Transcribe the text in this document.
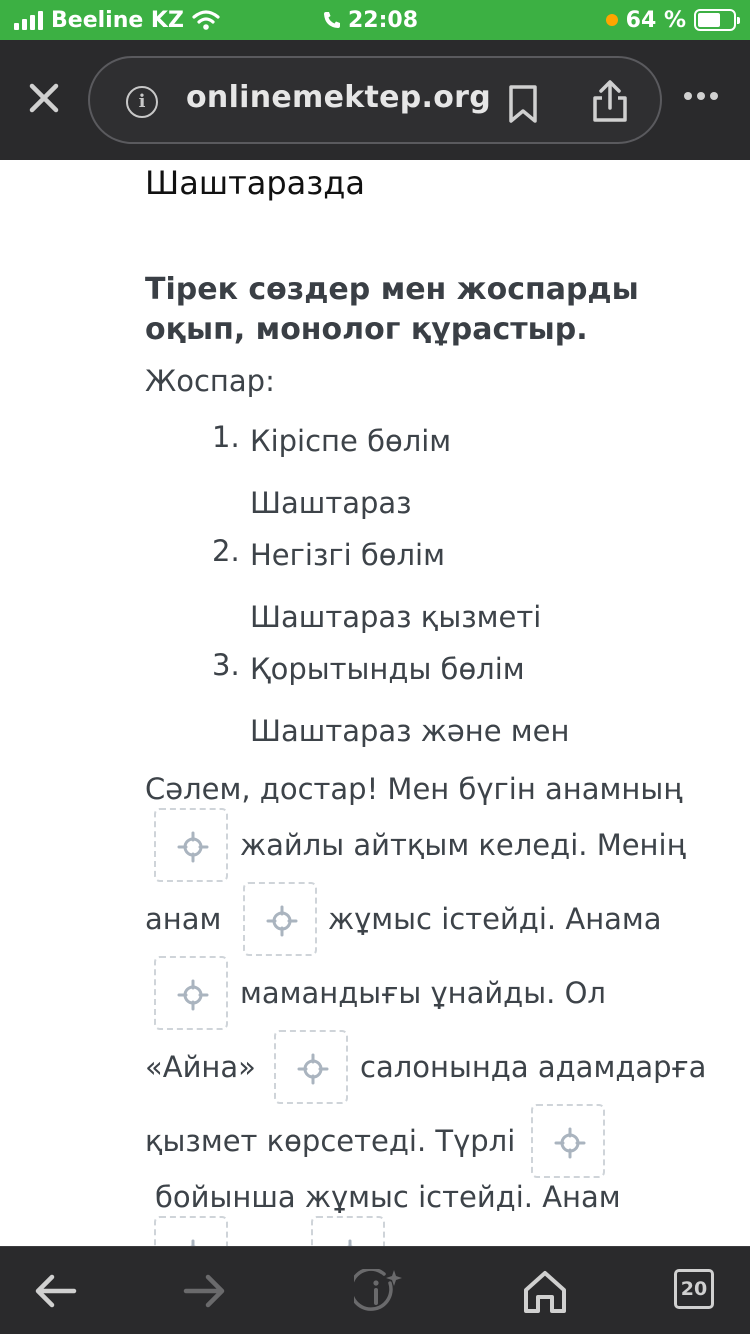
Beeline KZ	22:08	64 %
i	onlinemektep.org
Шаштаразда
Тірек сөздер мен жоспарды оқып, монолог құрастыр.
Жоспар:
1. Кіріспе бөлім
Шаштараз
2. Негізгі бөлім
Шаштараз қызметі
3. Қорытынды бөлім
Шаштараз және мен
Сәлем, достар! Мен бүгін анамның
жайлы айтқым келеді. Менің
анам	жұмыс істейді. Анама
мамандығы ұнайды. Ол
«Айна»	салонында адамдарға
қызмет көрсетеді. Түрлі
бойынша жұмыс істейді. Анам
20
